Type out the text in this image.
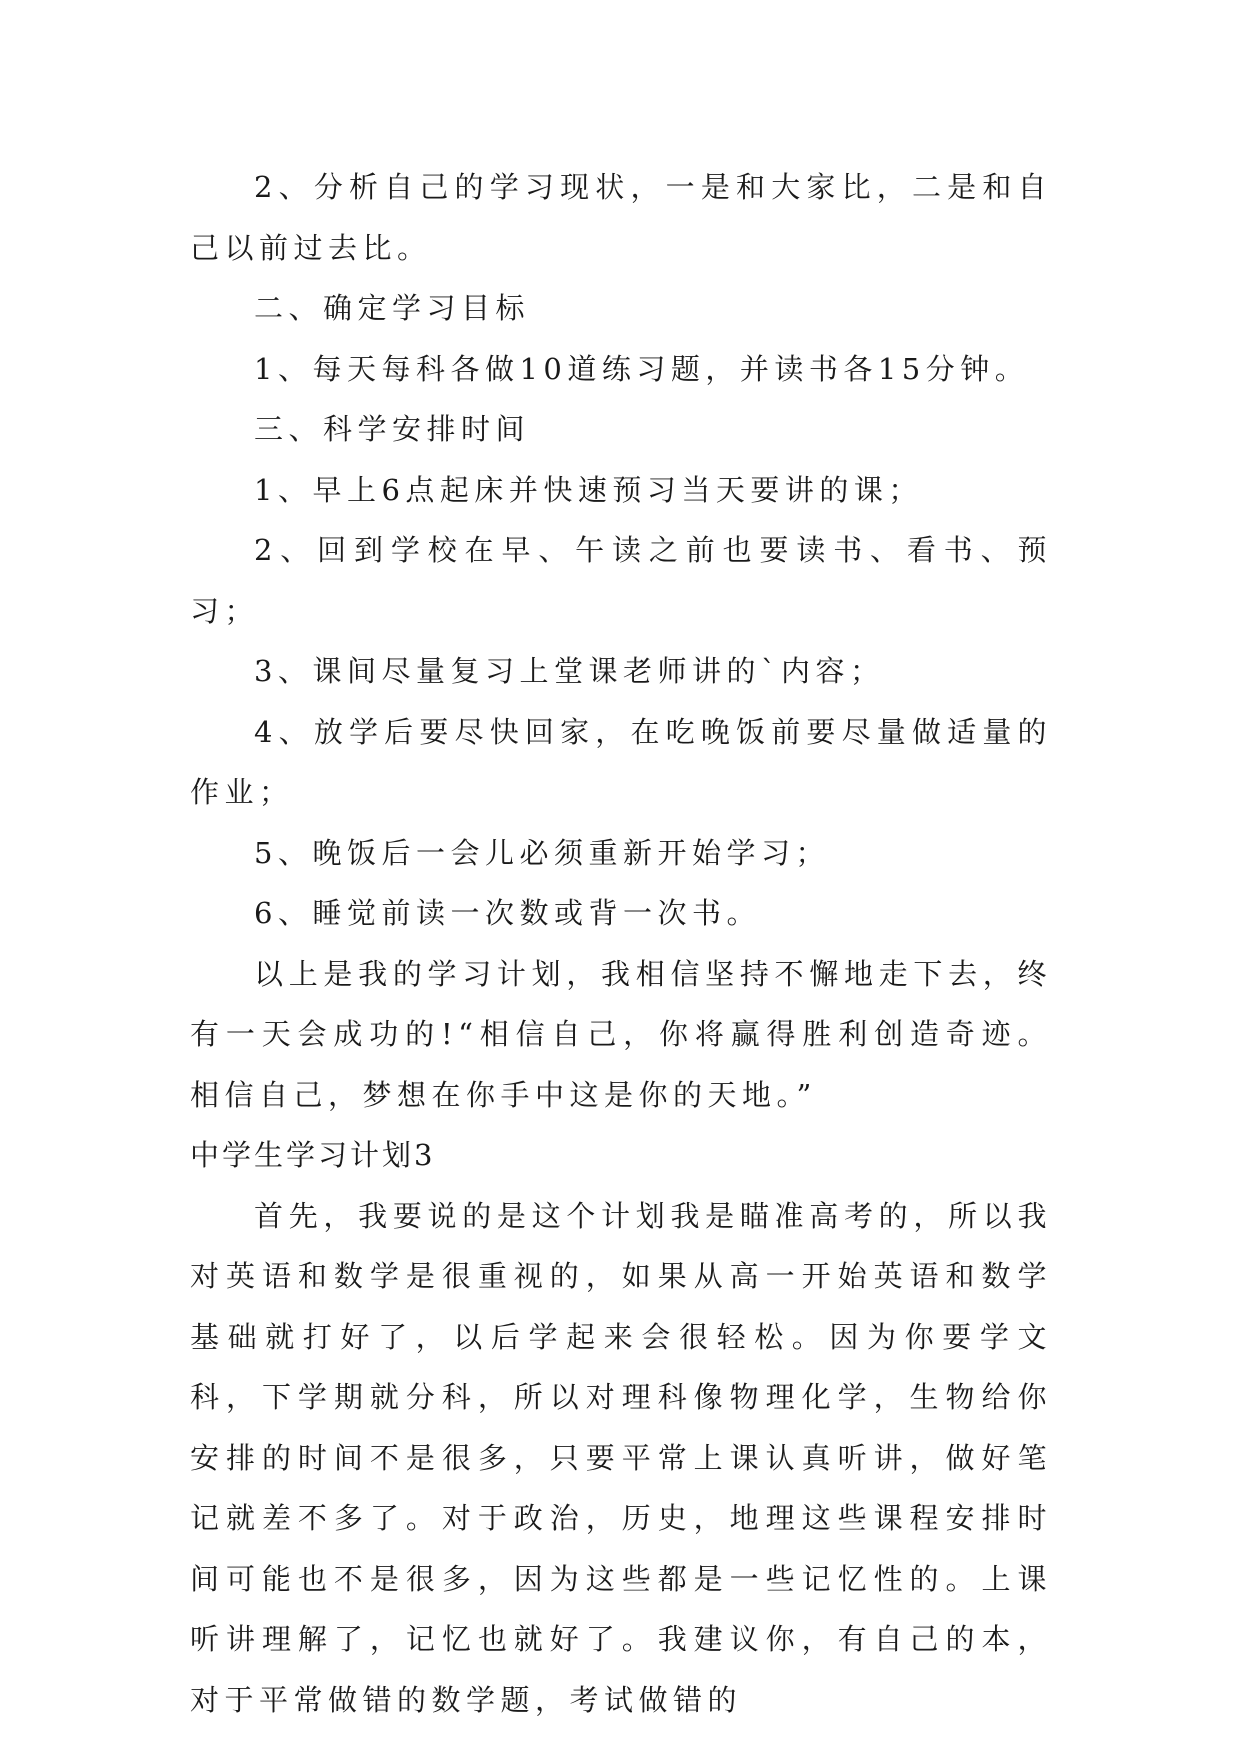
2、分析自己的学习现状，一是和大家比，二是和自己以前过去比。

二、确定学习目标

1、每天每科各做10道练习题，并读书各15分钟。

三、科学安排时间

1、早上6点起床并快速预习当天要讲的课；

2、回到学校在早、午读之前也要读书、看书、预习；

3、课间尽量复习上堂课老师讲的`内容；

4、放学后要尽快回家，在吃晚饭前要尽量做适量的作业；

5、晚饭后一会儿必须重新开始学习；

6、睡觉前读一次数或背一次书。

以上是我的学习计划，我相信坚持不懈地走下去，终有一天会成功的!“相信自己，你将赢得胜利创造奇迹。相信自己，梦想在你手中这是你的天地。”

中学生学习计划3

首先，我要说的是这个计划我是瞄准高考的，所以我对英语和数学是很重视的，如果从高一开始英语和数学基础就打好了，以后学起来会很轻松。因为你要学文科，下学期就分科，所以对理科像物理化学，生物给你安排的时间不是很多，只要平常上课认真听讲，做好笔记就差不多了。对于政治，历史，地理这些课程安排时间可能也不是很多，因为这些都是一些记忆性的。上课听讲理解了，记忆也就好了。我建议你，有自己的本，对于平常做错的数学题，考试做错的
